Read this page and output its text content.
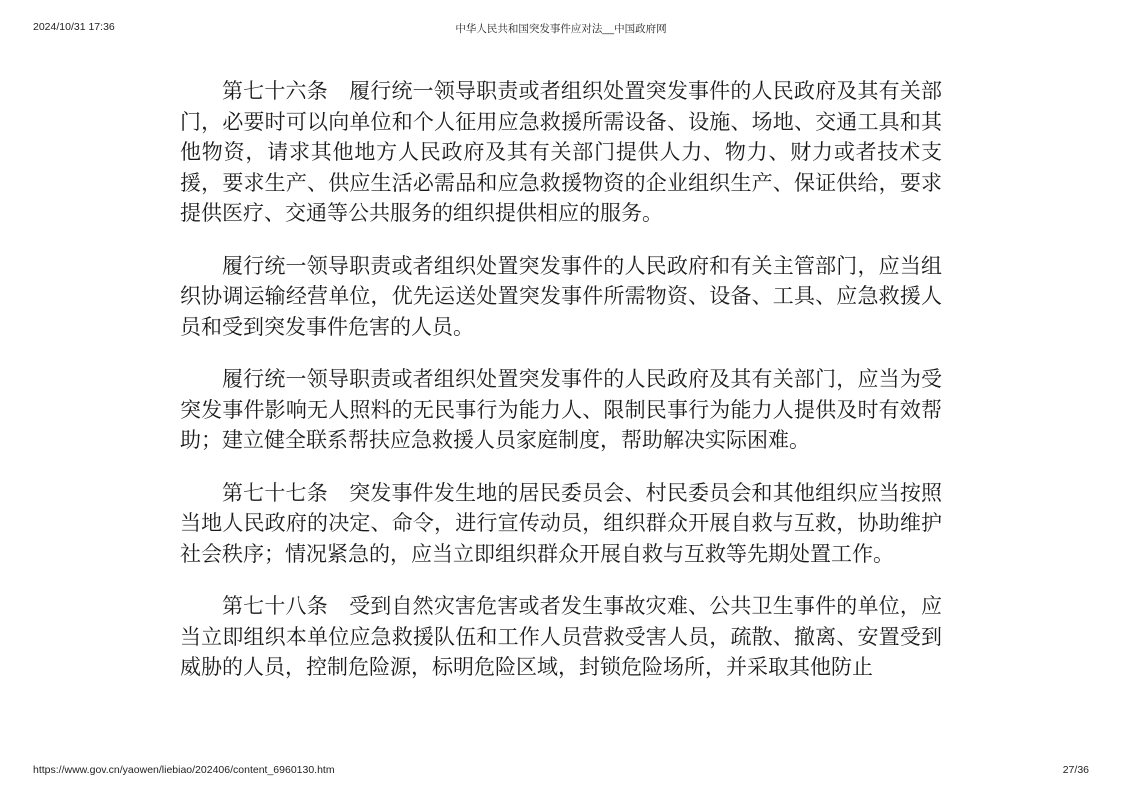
2024/10/31 17:36	中华人民共和国突发事件应对法__中国政府网

第七十六条　履行统一领导职责或者组织处置突发事件的人民政府及其有关部门，必要时可以向单位和个人征用应急救援所需设备、设施、场地、交通工具和其他物资，请求其他地方人民政府及其有关部门提供人力、物力、财力或者技术支援，要求生产、供应生活必需品和应急救援物资的企业组织生产、保证供给，要求提供医疗、交通等公共服务的组织提供相应的服务。

履行统一领导职责或者组织处置突发事件的人民政府和有关主管部门，应当组织协调运输经营单位，优先运送处置突发事件所需物资、设备、工具、应急救援人员和受到突发事件危害的人员。

履行统一领导职责或者组织处置突发事件的人民政府及其有关部门，应当为受突发事件影响无人照料的无民事行为能力人、限制民事行为能力人提供及时有效帮助；建立健全联系帮扶应急救援人员家庭制度，帮助解决实际困难。

第七十七条　突发事件发生地的居民委员会、村民委员会和其他组织应当按照当地人民政府的决定、命令，进行宣传动员，组织群众开展自救与互救，协助维护社会秩序；情况紧急的，应当立即组织群众开展自救与互救等先期处置工作。

第七十八条　受到自然灾害危害或者发生事故灾难、公共卫生事件的单位，应当立即组织本单位应急救援队伍和工作人员营救受害人员，疏散、撤离、安置受到威胁的人员，控制危险源，标明危险区域，封锁危险场所，并采取其他防止

https://www.gov.cn/yaowen/liebiao/202406/content_6960130.htm	27/36
